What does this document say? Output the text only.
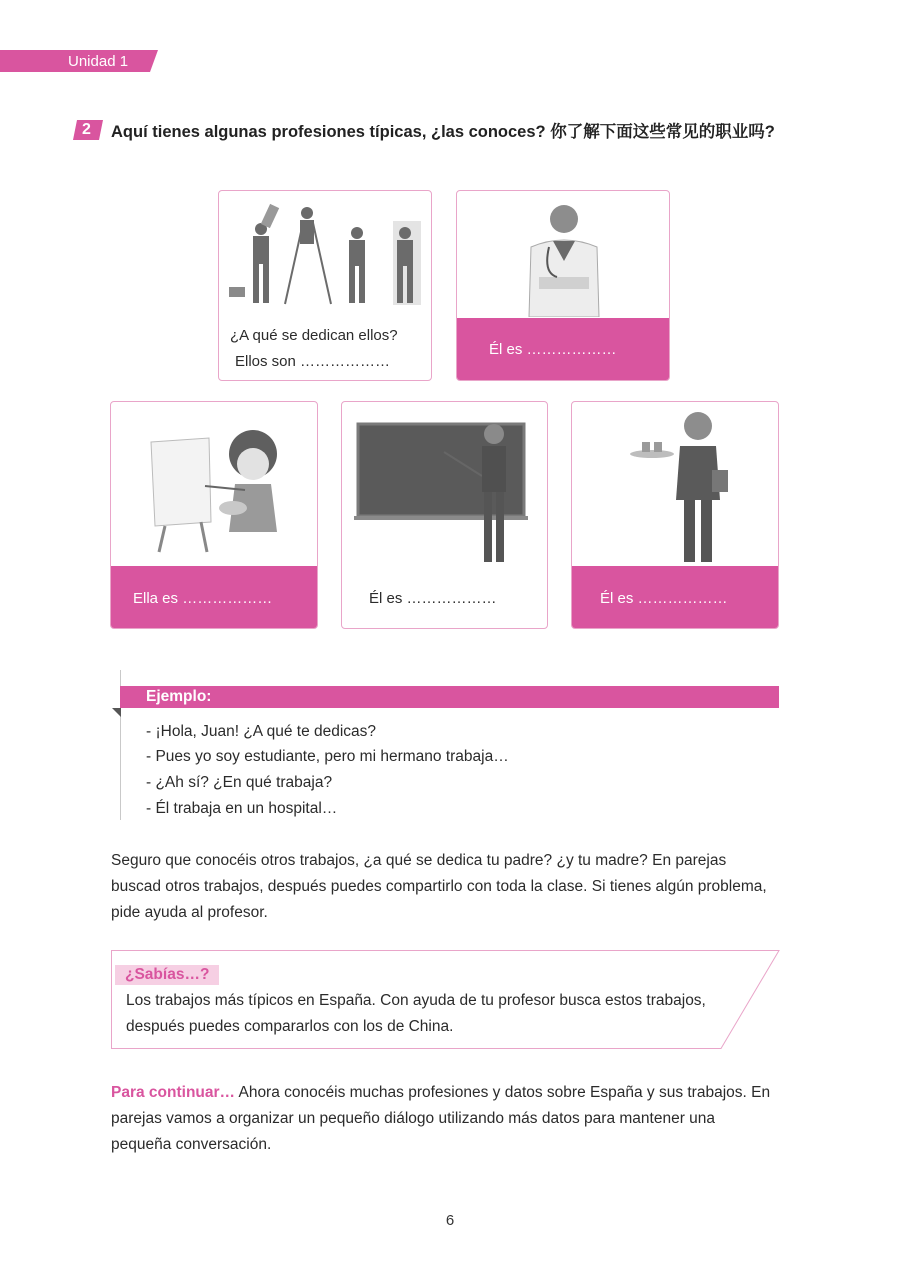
Unidad 1
2 Aquí tienes algunas profesiones típicas, ¿las conoces? 你了解下面这些常见的职业吗?
¿A qué se dedican ellos?
Ellos son ………………
Él es ………………
Ella es ………………	Él es ………………	Él es ………………
Ejemplo:
- ¡Hola, Juan! ¿A qué te dedicas?
- Pues yo soy estudiante, pero mi hermano trabaja…
- ¿Ah sí? ¿En qué trabaja?
- Él trabaja en un hospital…
Seguro que conocéis otros trabajos, ¿a qué se dedica tu padre? ¿y tu madre? En parejas buscad otros trabajos, después puedes compartirlo con toda la clase. Si tienes algún problema, pide ayuda al profesor.
¿Sabías…?
Los trabajos más típicos en España. Con ayuda de tu profesor busca estos trabajos, después puedes compararlos con los de China.
Para continuar… Ahora conocéis muchas profesiones y datos sobre España y sus trabajos. En parejas vamos a organizar un pequeño diálogo utilizando más datos para mantener una pequeña conversación.
6
